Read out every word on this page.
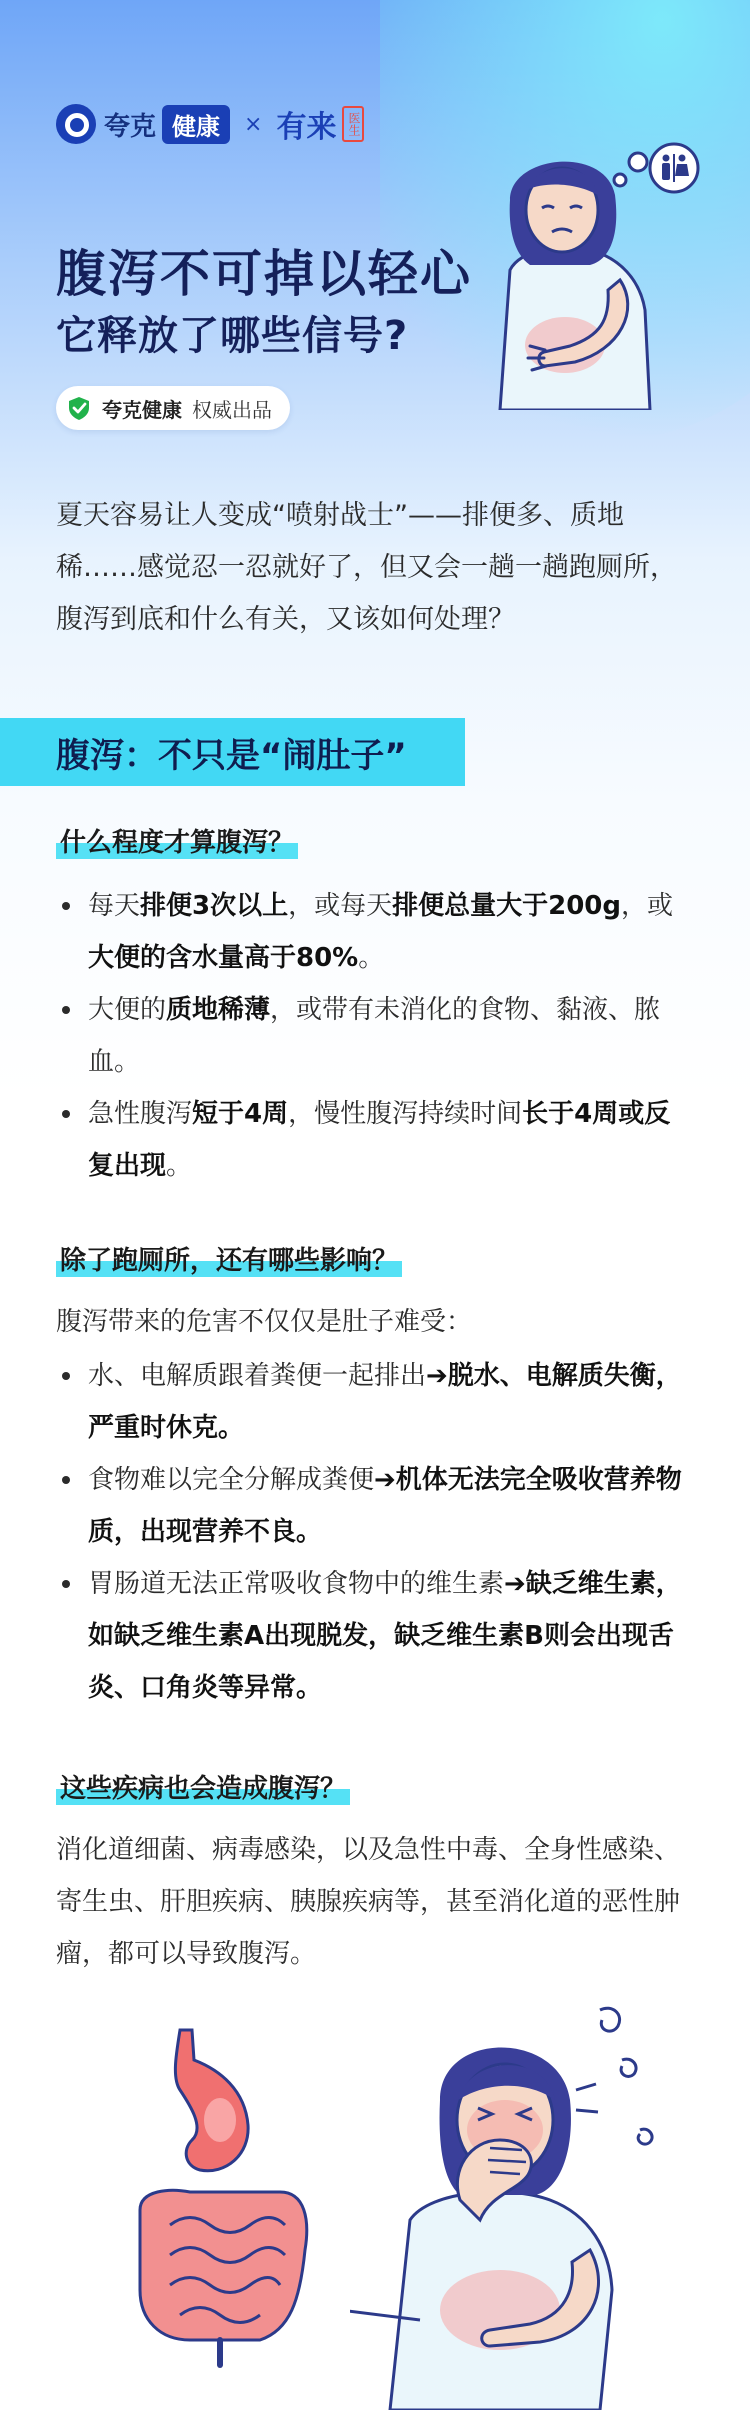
夸克 健康	× 有来 医生
腹泻不可掉以轻心
它释放了哪些信号?
夸克健康 权威出品
夏天容易让人变成“喷射战士”——排便多、质地稀……感觉忍一忍就好了，但又会一趟一趟跑厕所，腹泻到底和什么有关，又该如何处理？
腹泻：不只是“闹肚子”
什么程度才算腹泻？
每天排便3次以上，或每天排便总量大于200g，或大便的含水量高于80%。
大便的质地稀薄，或带有未消化的食物、黏液、脓血。
急性腹泻短于4周，慢性腹泻持续时间长于4周或反复出现。
除了跑厕所，还有哪些影响？
腹泻带来的危害不仅仅是肚子难受：
水、电解质跟着粪便一起排出➔脱水、电解质失衡，严重时休克。
食物难以完全分解成粪便➔机体无法完全吸收营养物质，出现营养不良。
胃肠道无法正常吸收食物中的维生素➔缺乏维生素，如缺乏维生素A出现脱发，缺乏维生素B则会出现舌炎、口角炎等异常。
这些疾病也会造成腹泻？
消化道细菌、病毒感染，以及急性中毒、全身性感染、寄生虫、肝胆疾病、胰腺疾病等，甚至消化道的恶性肿瘤，都可以导致腹泻。
